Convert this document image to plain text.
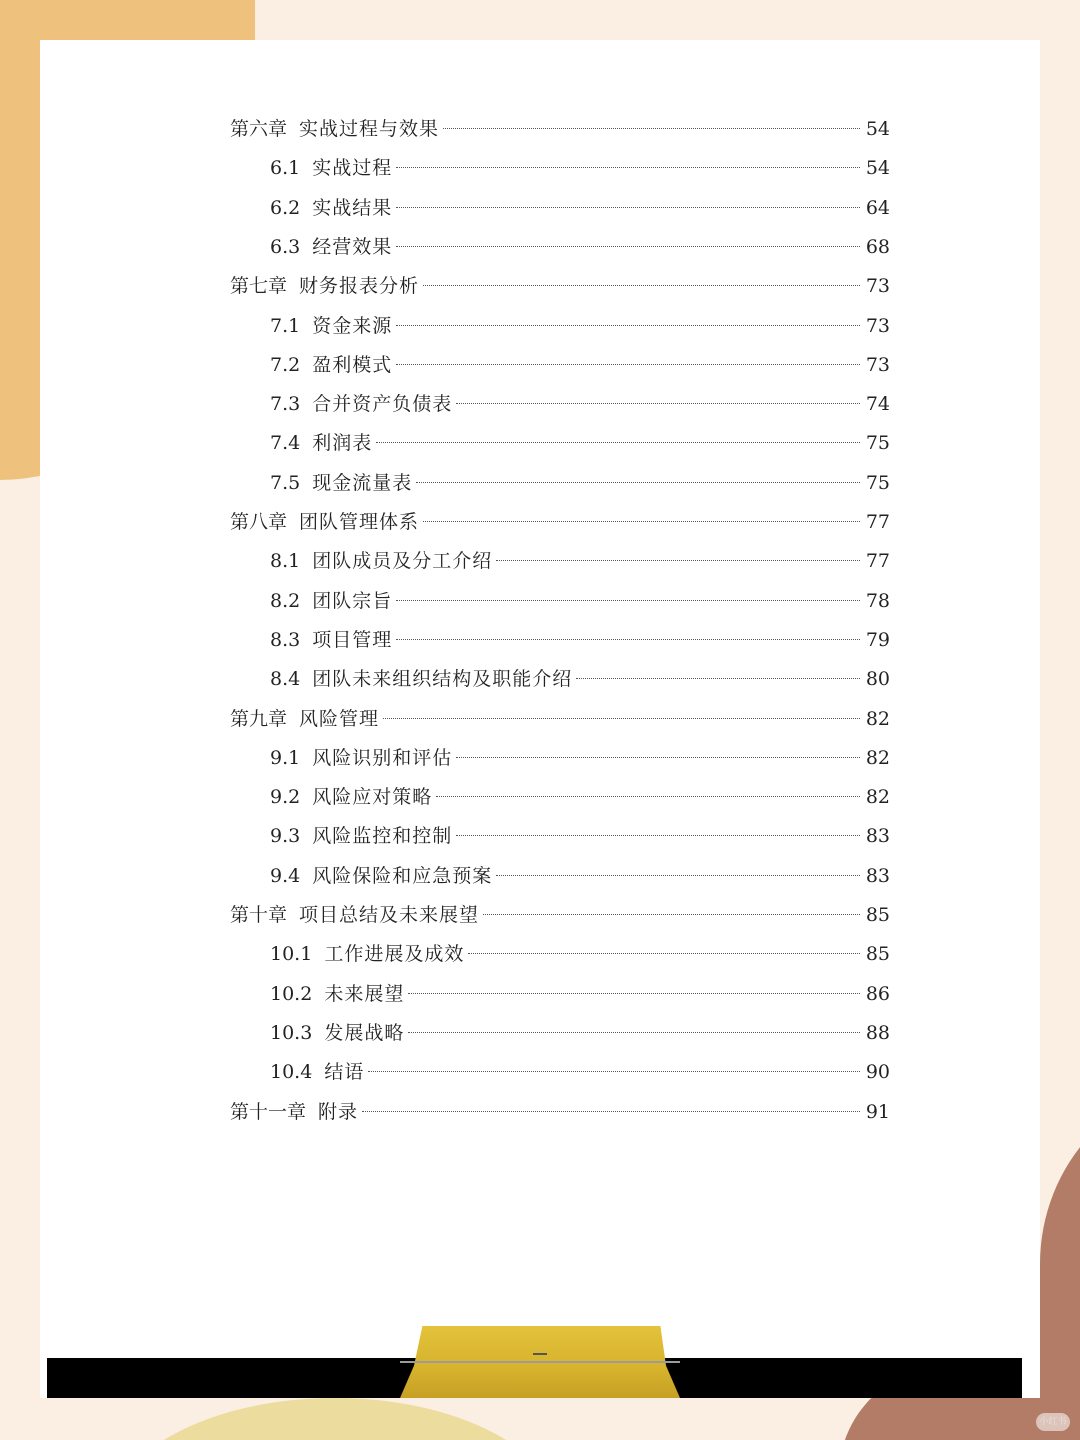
第六章 实战过程与效果	54
6.1 实战过程	54
6.2 实战结果	64
6.3 经营效果	68
第七章 财务报表分析	73
7.1 资金来源	73
7.2 盈利模式	73
7.3 合并资产负债表	74
7.4 利润表	75
7.5 现金流量表	75
第八章 团队管理体系	77
8.1 团队成员及分工介绍	77
8.2 团队宗旨	78
8.3 项目管理	79
8.4 团队未来组织结构及职能介绍	80
第九章 风险管理	82
9.1 风险识别和评估	82
9.2 风险应对策略	82
9.3 风险监控和控制	83
9.4 风险保险和应急预案	83
第十章 项目总结及未来展望	85
10.1 工作进展及成效	85
10.2 未来展望	86
10.3 发展战略	88
10.4 结语	90
第十一章 附录	91
小红书
